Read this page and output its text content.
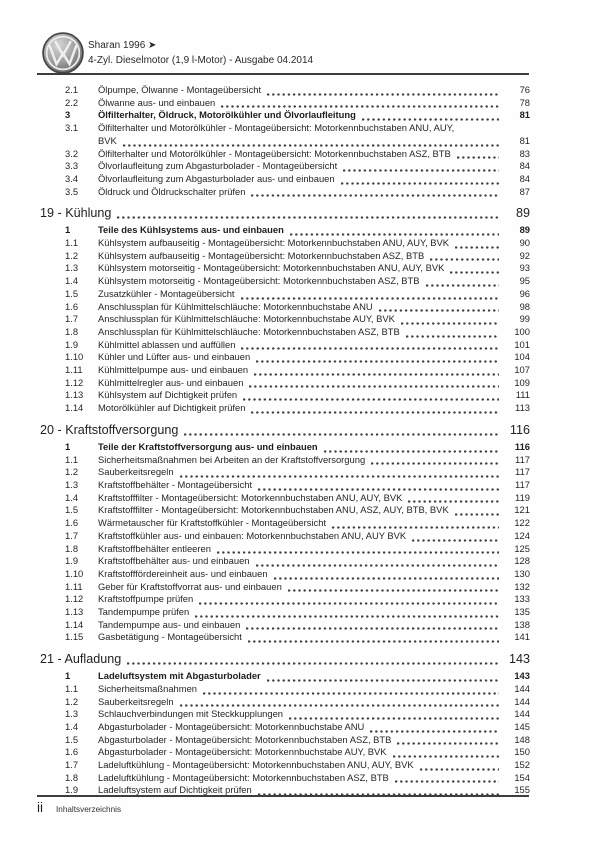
Sharan 1996 ➤
4-Zyl. Dieselmotor (1,9 l-Motor) - Ausgabe 04.2014
2.1	Ölpumpe, Ölwanne - Montageübersicht	76
2.2	Ölwanne aus- und einbauen	78
3	Ölfilterhalter, Öldruck, Motorölkühler und Ölvorlaufleitung	81
3.1	Ölfilterhalter und Motorölkühler - Montageübersicht: Motorkennbuchstaben ANU, AUY,
BVK	81
3.2	Ölfilterhalter und Motorölkühler - Montageübersicht: Motorkennbuchstaben ASZ, BTB	83
3.3	Ölvorlaufleitung zum Abgasturbolader - Montageübersicht	84
3.4	Ölvorlaufleitung zum Abgasturbolader aus- und einbauen	84
3.5	Öldruck und Öldruckschalter prüfen	87
19 - Kühlung	89
1	Teile des Kühlsystems aus- und einbauen	89
1.1	Kühlsystem aufbauseitig - Montageübersicht: Motorkennbuchstaben ANU, AUY, BVK	90
1.2	Kühlsystem aufbauseitig - Montageübersicht: Motorkennbuchstaben ASZ, BTB	92
1.3	Kühlsystem motorseitig - Montageübersicht: Motorkennbuchstaben ANU, AUY, BVK	93
1.4	Kühlsystem motorseitig - Montageübersicht: Motorkennbuchstaben ASZ, BTB	95
1.5	Zusatzkühler - Montageübersicht	96
1.6	Anschlussplan für Kühlmittelschläuche: Motorkennbuchstabe ANU	98
1.7	Anschlussplan für Kühlmittelschläuche: Motorkennbuchstabe AUY, BVK	99
1.8	Anschlussplan für Kühlmittelschläuche: Motorkennbuchstaben ASZ, BTB	100
1.9	Kühlmittel ablassen und auffüllen	101
1.10	Kühler und Lüfter aus- und einbauen	104
1.11	Kühlmittelpumpe aus- und einbauen	107
1.12	Kühlmittelregler aus- und einbauen	109
1.13	Kühlsystem auf Dichtigkeit prüfen	111
1.14	Motorölkühler auf Dichtigkeit prüfen	113
20 - Kraftstoffversorgung	116
1	Teile der Kraftstoffversorgung aus- und einbauen	116
1.1	Sicherheitsmaßnahmen bei Arbeiten an der Kraftstoffversorgung	117
1.2	Sauberkeitsregeln	117
1.3	Kraftstoffbehälter - Montageübersicht	117
1.4	Kraftstofffilter - Montageübersicht: Motorkennbuchstaben ANU, AUY, BVK	119
1.5	Kraftstofffilter - Montageübersicht: Motorkennbuchstaben ANU, ASZ, AUY, BTB, BVK	121
1.6	Wärmetauscher für Kraftstoffkühler - Montageübersicht	122
1.7	Kraftstoffkühler aus- und einbauen: Motorkennbuchstaben ANU, AUY BVK	124
1.8	Kraftstoffbehälter entleeren	125
1.9	Kraftstoffbehälter aus- und einbauen	128
1.10	Kraftstofffördereinheit aus- und einbauen	130
1.11	Geber für Kraftstoffvorrat aus- und einbauen	132
1.12	Kraftstoffpumpe prüfen	133
1.13	Tandempumpe prüfen	135
1.14	Tandempumpe aus- und einbauen	138
1.15	Gasbetätigung - Montageübersicht	141
21 - Aufladung	143
1	Ladeluftsystem mit Abgasturbolader	143
1.1	Sicherheitsmaßnahmen	144
1.2	Sauberkeitsregeln	144
1.3	Schlauchverbindungen mit Steckkupplungen	144
1.4	Abgasturbolader - Montageübersicht: Motorkennbuchstabe ANU	145
1.5	Abgasturbolader - Montageübersicht: Motorkennbuchstaben ASZ, BTB	148
1.6	Abgasturbolader - Montageübersicht: Motorkennbuchstabe AUY, BVK	150
1.7	Ladeluftkühlung - Montageübersicht: Motorkennbuchstaben ANU, AUY, BVK	152
1.8	Ladeluftkühlung - Montageübersicht: Motorkennbuchstaben ASZ, BTB	154
1.9	Ladeluftsystem auf Dichtigkeit prüfen	155
ii Inhaltsverzeichnis
